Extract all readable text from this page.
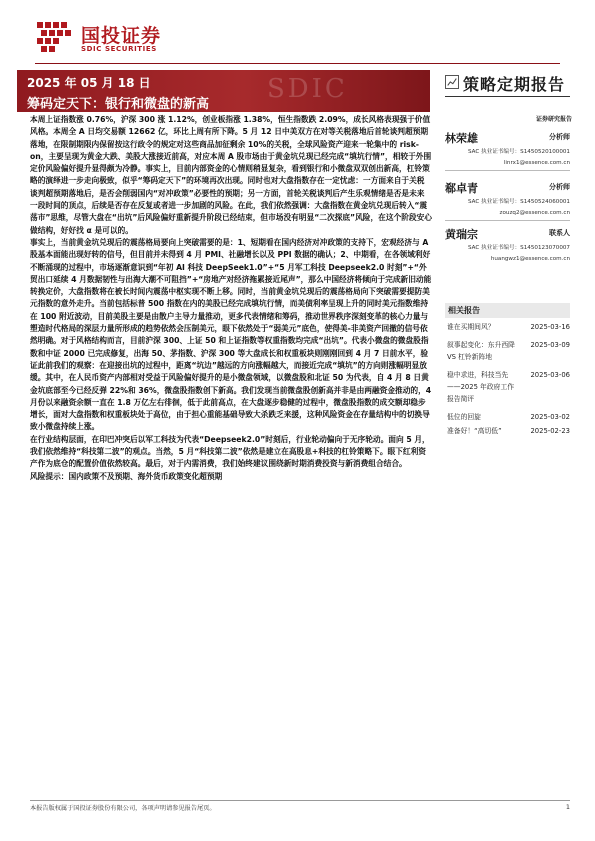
国投证券
SDIC SECURITIES
SDIC
2025 年 05 月 18 日
筹码定天下：银行和微盘的新高
策略定期报告
证券研究报告

本周上证指数涨 0.76%，沪深 300 涨 1.12%，创业板指涨 1.38%，恒生指数跌 2.09%，成长风格表现强于价值风格。本周全 A 日均交易额 12662 亿，环比上周有所下降。5 月 12 日中美双方在对等关税落地后首轮谈判超预期落地，在限制期限内保留按这行政令的规定对这些商品加征剩余 10%的关税，全球风险资产迎来一轮集中的 risk-on，主要呈现为黄金大跌、美股大涨接近前高，对应本周 A 股市场由于黄金坑兑现已经完成“填坑行情”，相较于外围定价风险偏好提升显得颇为冷静。事实上，目前内部资金的心情则稍显复杂，看到银行和小微盘双双创出新高，杠铃策略的演绎进一步走向极致，似乎“筹码定天下”的环境再次出现。同时也对大盘指数存在一定忧虑：一方面来自于关税谈判超预期落地后，是否会削弱国内“对冲政策”必要性的预期；另一方面，首轮关税谈判后产生乐观情绪是否是未来一段时间的顶点，后续是否存在反复或者进一步加剧的风险。在此，我们依然强调：大盘指数在黄金坑兑现后转入“震荡市”思维，尽管大盘在“出坑”后风险偏好重新提升阶段已经结束，但市场没有明显“二次探底”风险，在这个阶段安心做结构，好好找 α 是可以的。

事实上，当前黄金坑兑现后的震荡格局要向上突破需要的是：1、短期看在国内经济对冲政策的支持下，宏观经济与 A 股基本面能出现好转的信号，但目前并未得到 4 月 PMI、社融增长以及 PPI 数据的确认；2、中期看，在各领域利好不断涌现的过程中，市场逐渐意识到“年初 AI 科技 DeepSeek1.0”+“5 月军工科技 Deepseek2.0 时刻”+“外贸出口延续 4 月数据韧性与出海大潮不可阻挡”+“房地产对经济拖累接近尾声”，那么中国经济将倾向于完成新旧动能转换定价，大盘指数将在被长时间内震荡中枢实现不断上移。同时，当前黄金坑兑现后的震荡格局向下突破需要提防美元指数的意外走升。当前包括标普 500 指数在内的美股已经完成填坑行情，而美债利率呈现上升的同时美元指数维持在 100 附近波动，目前美股主要是由散户主导力量推动，更多代表情绪和筹码，推动世界秩序深刻变革的核心力量与塑造时代格局的深层力量所形成的趋势依然会压制美元，眼下依然处于“弱美元”底色，使得美-非美资产回撤的信号依然明确。对于风格结构而言，目前沪深 300、上证 50 和上证指数等权重指数均完成“出坑”。代表小微盘的微盘股指数和中证 2000 已完成修复，出海 50、茅指数、沪深 300 等大盘成长和权重板块则刚刚回到 4 月 7 日前水平，验证此前我们的观察：在迎接出坑的过程中，距离“坑边”越远的方向涨幅越大，而接近完成“填坑”的方向则涨幅明显放缓。其中，在人民币资产内部相对受益于风险偏好提升的是小微盘领域，以微盘股和北证 50 为代表，自 4 月 8 日黄金坑底部至今已经反弹 22%和 36%，微盘股指数创下新高。我们发现当前微盘股创新高并非是由两融资金推动的，4 月份以来融资余额一直在 1.8 万亿左右徘徊，低于此前高点，在大盘逐步稳健的过程中，微盘股指数的成交额却稳步增长，面对大盘指数和权重板块处于高位，由于担心重能基础导致大杀跌乏来援，这种风险资金在存量结构中的切换导致小微盘持续上涨。

在行业结构层面，在印巴冲突后以军工科技为代表“Deepseek2.0”时刻后，行业轮动偏向于无序轮动。面向 5 月，我们依然维持“科技第二波”的观点。当然，5 月“科技第二波”依然是建立在高股息+科技的杠铃策略下。眼下红利资产作为底仓的配置价值依然较高。最后，对于内需消费，我们始终建议围绕新时期消费投资与新消费组合结合。

风险提示：国内政策不及预期、海外货币政策变化超预期

林荣雄	分析师
SAC 执业证书编号：S1450520100001
linrx1@essence.com.cn
郗卓青	分析师
SAC 执业证书编号：S1450524060001
zouzq2@essence.com.cn
黄瑞宗	联系人
SAC 执业证书编号：S1450123070007
huangwz1@essence.com.cn
相关报告
谁在买期间风？	2025-03-16
叙事起变化：东升西降 VS 杠铃新阵地
2025-03-09
稳中求进，科技当先——2025 年政府工作报告简评
2025-03-06
低位的回旋	2025-03-02
准备好！“高切低”	2025-02-23
本报告版权属于国投证券股份有限公司，各项声明请参见报告尾页。	1
